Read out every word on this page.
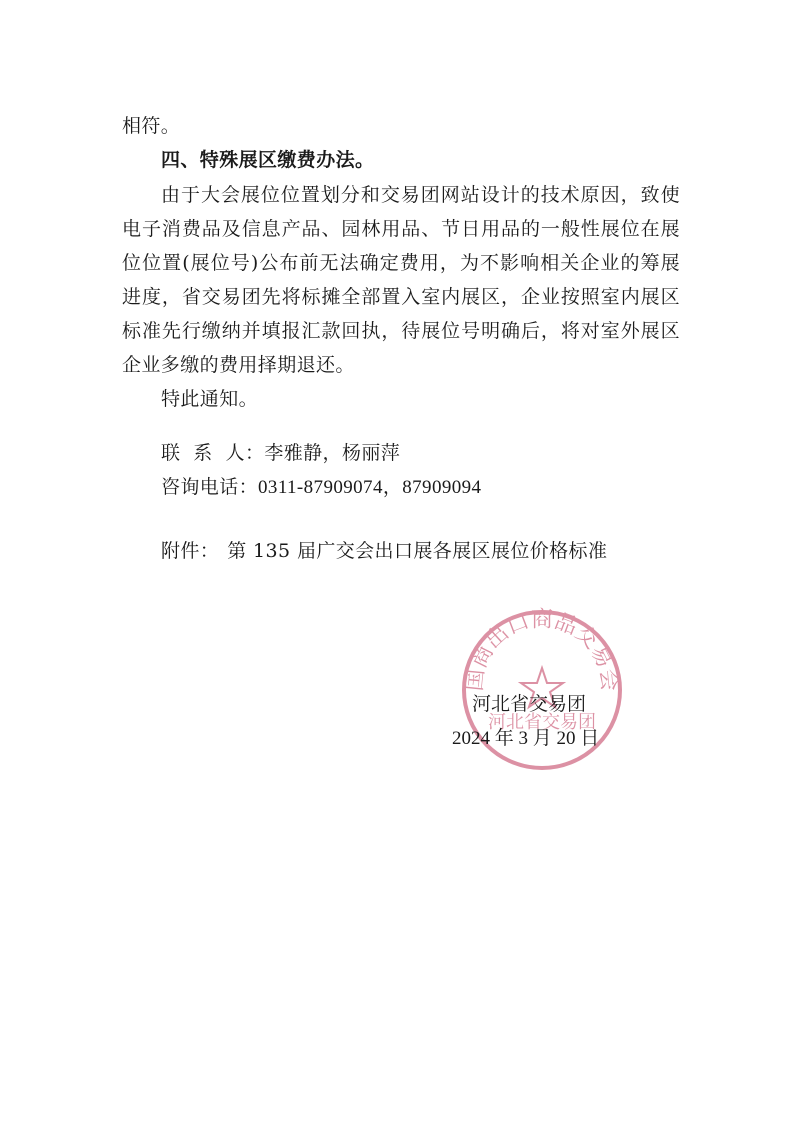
相符。
四、特殊展区缴费办法。
由于大会展位位置划分和交易团网站设计的技术原因，致使
电子消费品及信息产品、园林用品、节日用品的一般性展位在展
位位置(展位号)公布前无法确定费用，为不影响相关企业的筹展
进度，省交易团先将标摊全部置入室内展区，企业按照室内展区
标准先行缴纳并填报汇款回执，待展位号明确后，将对室外展区
企业多缴的费用择期退还。
特此通知。
联  系  人：李雅静，杨丽萍
咨询电话：0311-87909074，87909094
附件： 第 135 届广交会出口展各展区展位价格标准
国商出口商品交易会
河北省交易团
河北省交易团
2024 年 3 月 20 日
